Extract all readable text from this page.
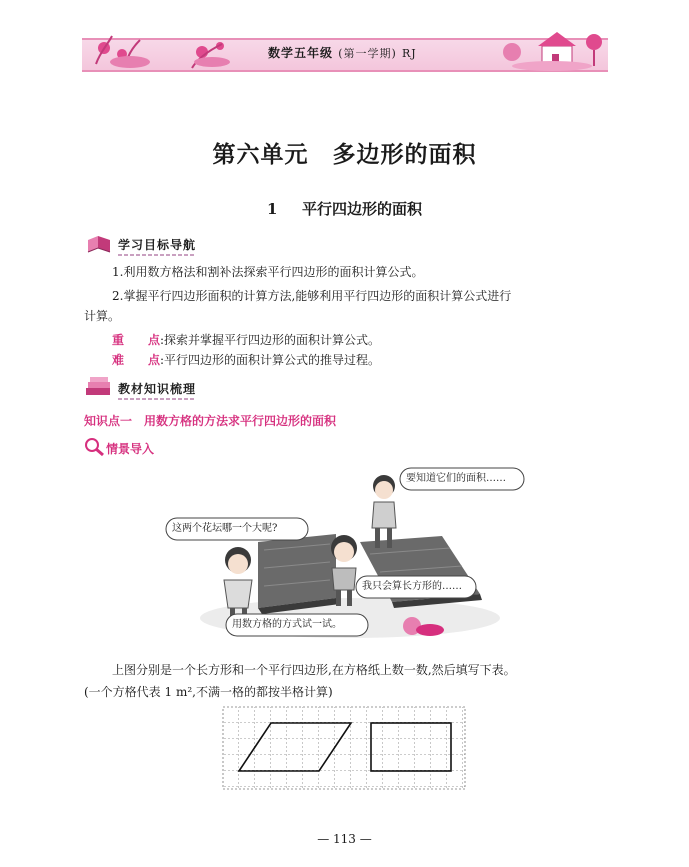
数学五年级 (第一学期) RJ
第六单元　多边形的面积
1 平行四边形的面积
学习目标导航
1.利用数方格法和割补法探索平行四边形的面积计算公式。
2.掌握平行四边形面积的计算方法,能够利用平行四边形的面积计算公式进行
计算。
重　　点:探索并掌握平行四边形的面积计算公式。
难　　点:平行四边形的面积计算公式的推导过程。
教材知识梳理
知识点一　用数方格的方法求平行四边形的面积
情景导入
这两个花坛哪一个大呢?
要知道它们的面积……
我只会算长方形的……
用数方格的方式试一试。
上图分别是一个长方形和一个平行四边形,在方格纸上数一数,然后填写下表。
(一个方格代表 1 m²,不满一格的都按半格计算)
— 113 —
